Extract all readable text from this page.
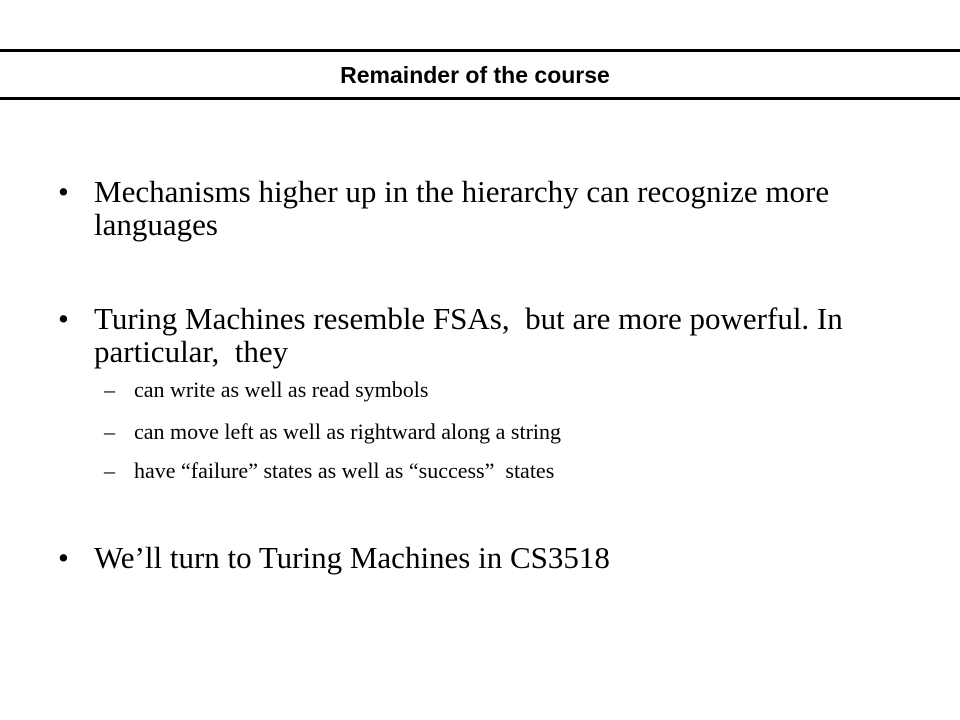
Remainder of the course
• Mechanisms higher up in the hierarchy can recognize more languages
• Turing Machines resemble FSAs,  but are more powerful. In particular,  they
– can write as well as read symbols
– can move left as well as rightward along a string
– have “failure” states as well as “success”  states
• We’ll turn to Turing Machines in CS3518
